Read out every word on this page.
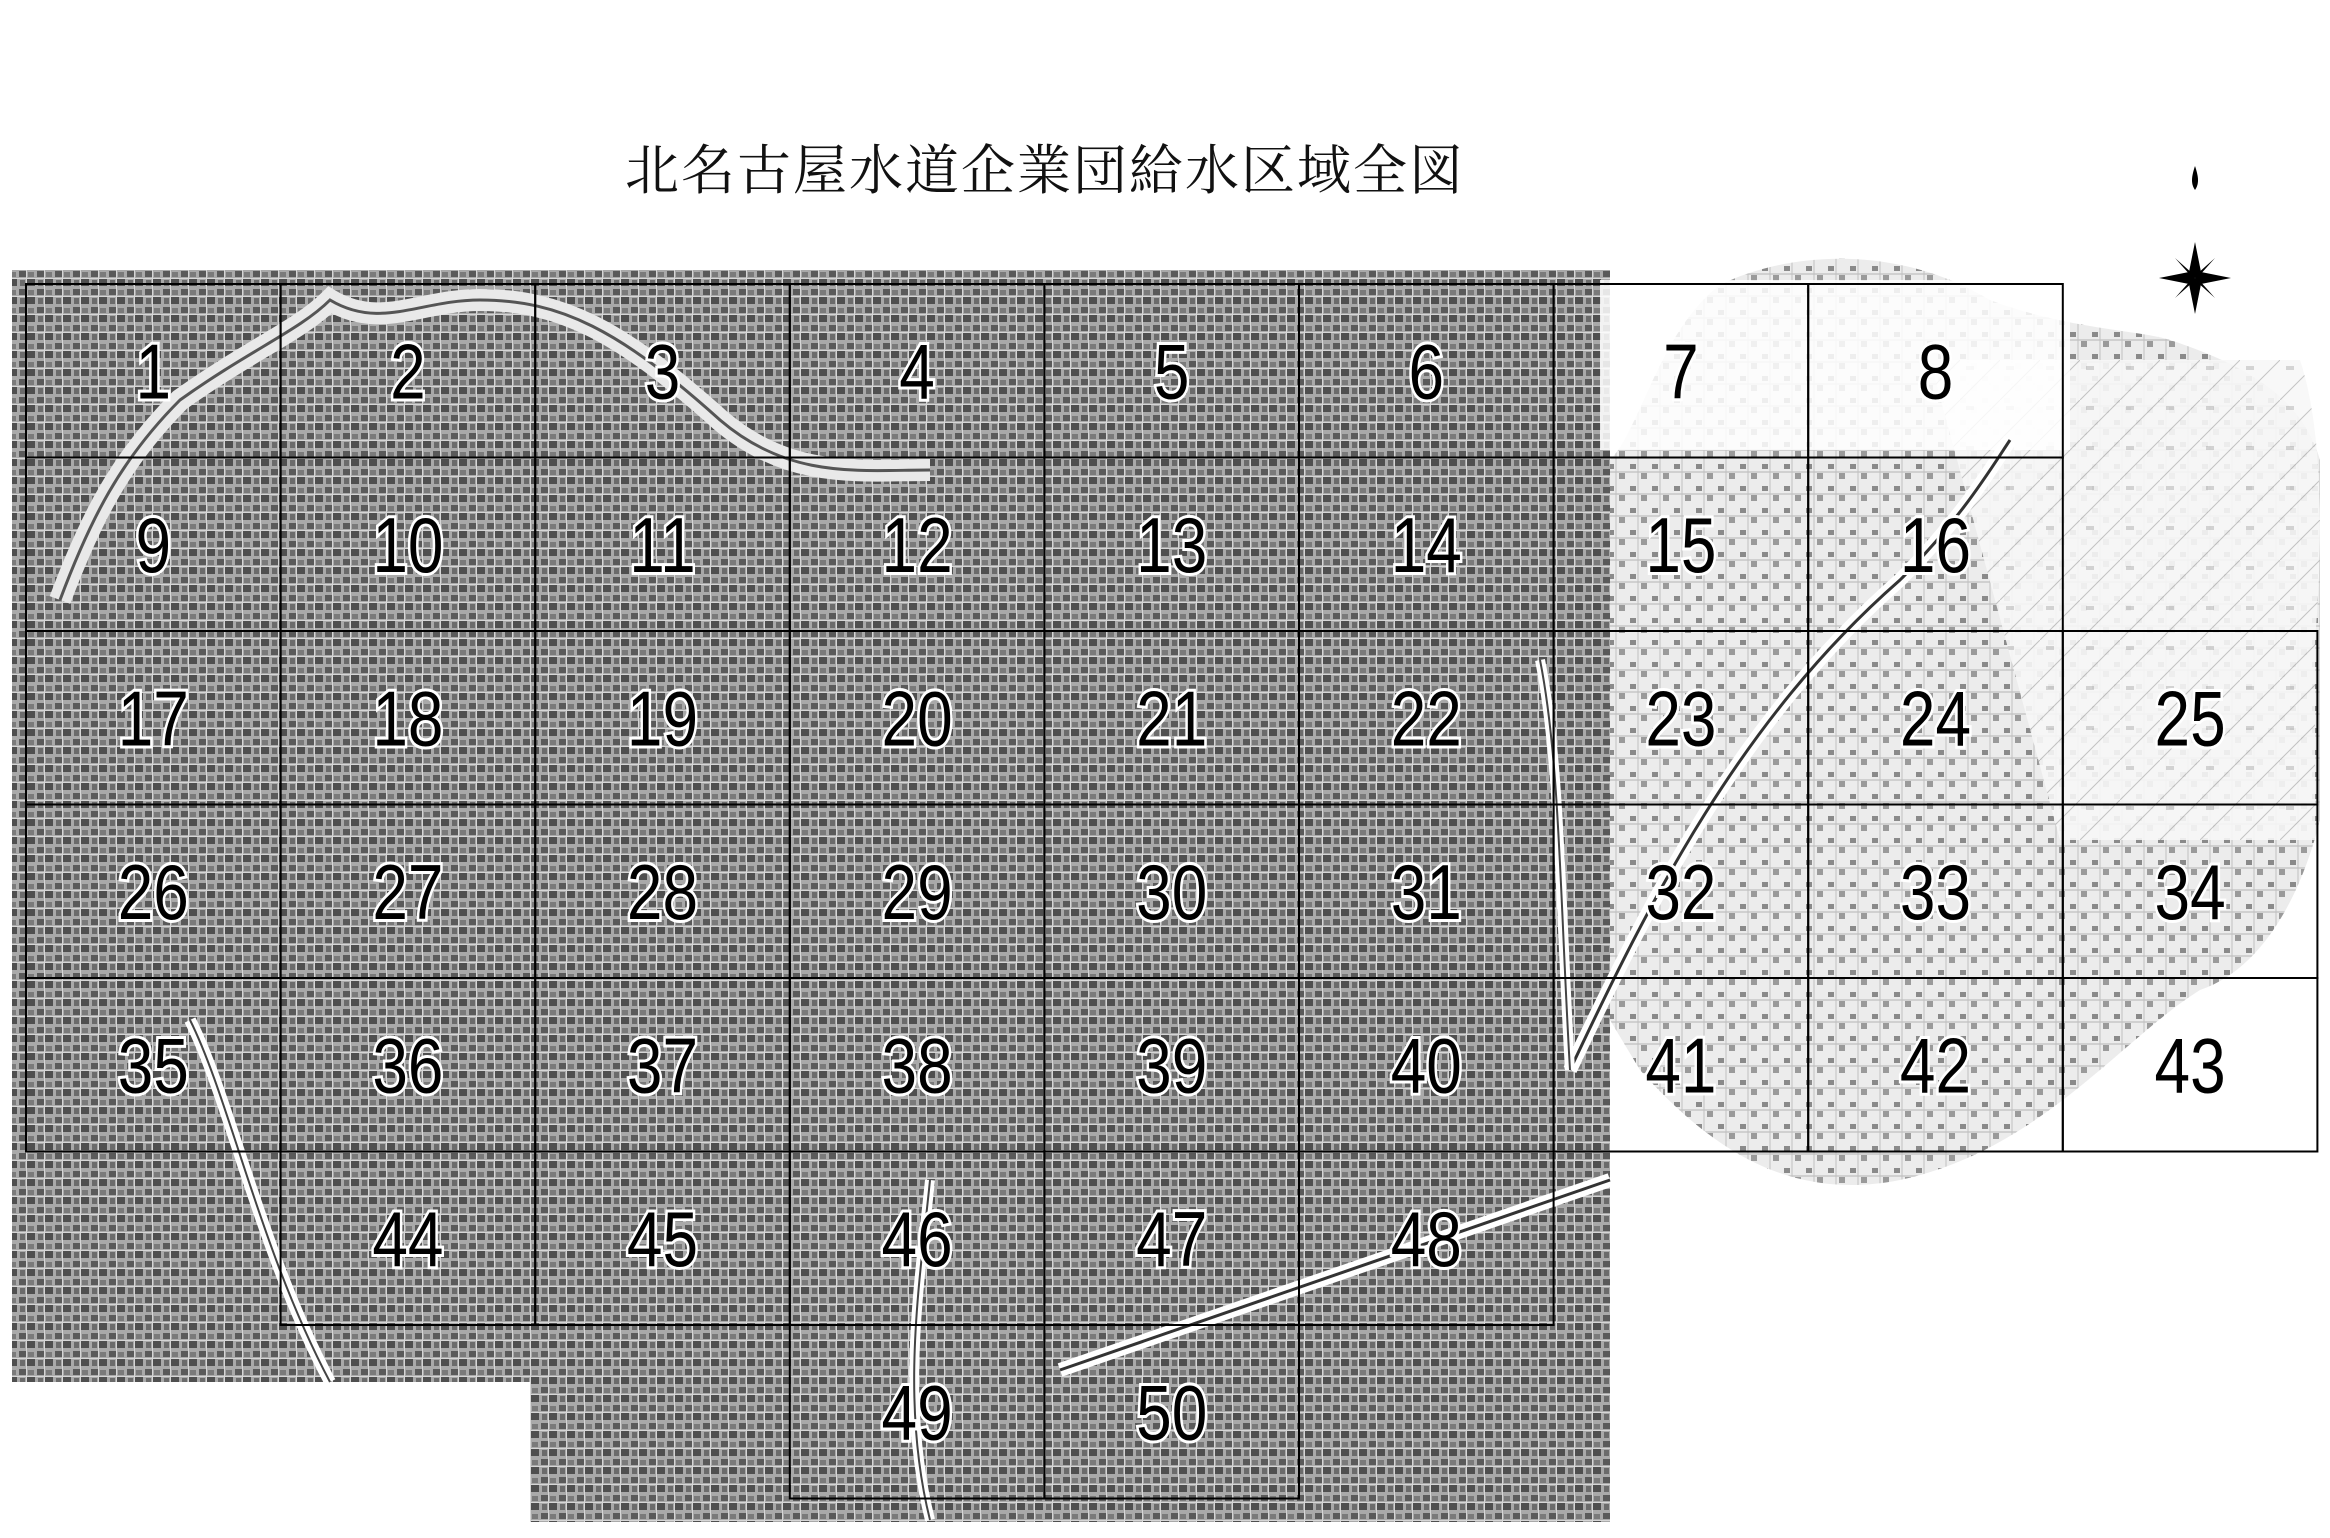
北名古屋水道企業団給水区域全図
1	2	3	4	5	6	7	8
9	10 11 12 13 14 15 16
17 18 19 20 21 22 23 24 25
26 27 28 29 30 31 32 33 34
35 36 37 38 39 40 41 42 43
44 45 46 47 48
49 50
